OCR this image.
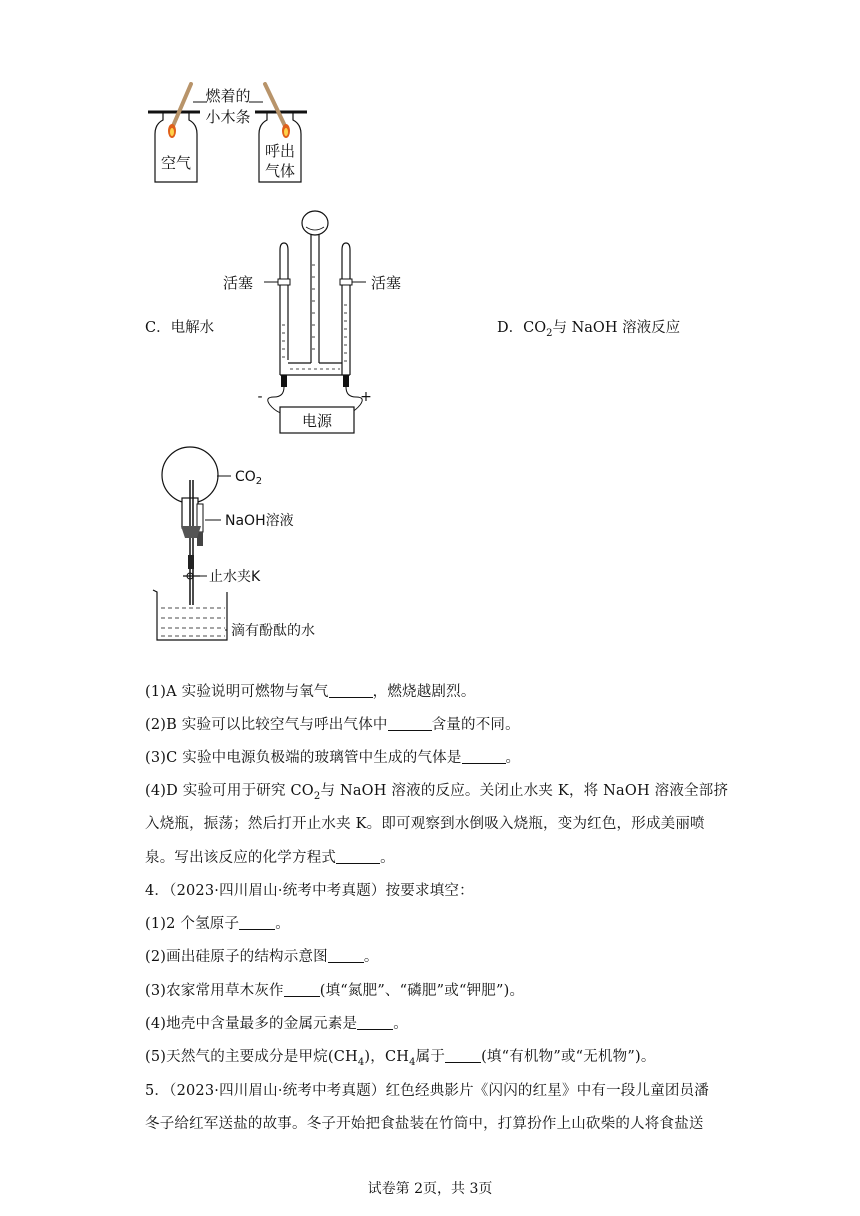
燃着的
小木条
空气
呼出
气体
C．电解水	D．$CO_2$与 NaOH 溶液反应
电源
-	+
活塞	活塞
$CO_2$
NaOH溶液
止水夹K
滴有酚酞的水
(1)A 实验说明可燃物与氧气	，燃烧越剧烈。
(2)B 实验可以比较空气与呼出气体中	含量的不同。
(3)C 实验中电源负极端的玻璃管中生成的气体是	。
(4)D 实验可用于研究 $CO_2$与 NaOH 溶液的反应。关闭止水夹 K，将 NaOH 溶液全部挤
入烧瓶，振荡；然后打开止水夹 K。即可观察到水倒吸入烧瓶，变为红色，形成美丽喷
泉。写出该反应的化学方程式	。
4．（2023·四川眉山·统考中考真题）按要求填空：
(1)2 个氢原子 。
(2)画出硅原子的结构示意图 。
(3)农家常用草木灰作 (填“氮肥”、“磷肥”或“钾肥”)。
(4)地壳中含量最多的金属元素是 。
(5)天然气的主要成分是甲烷$(CH_4)$，$CH_4$属于 (填“有机物”或“无机物”)。
5．（2023·四川眉山·统考中考真题）红色经典影片《闪闪的红星》中有一段儿童团员潘
冬子给红军送盐的故事。冬子开始把食盐装在竹筒中，打算扮作上山砍柴的人将食盐送
试卷第 2页，共 3页
